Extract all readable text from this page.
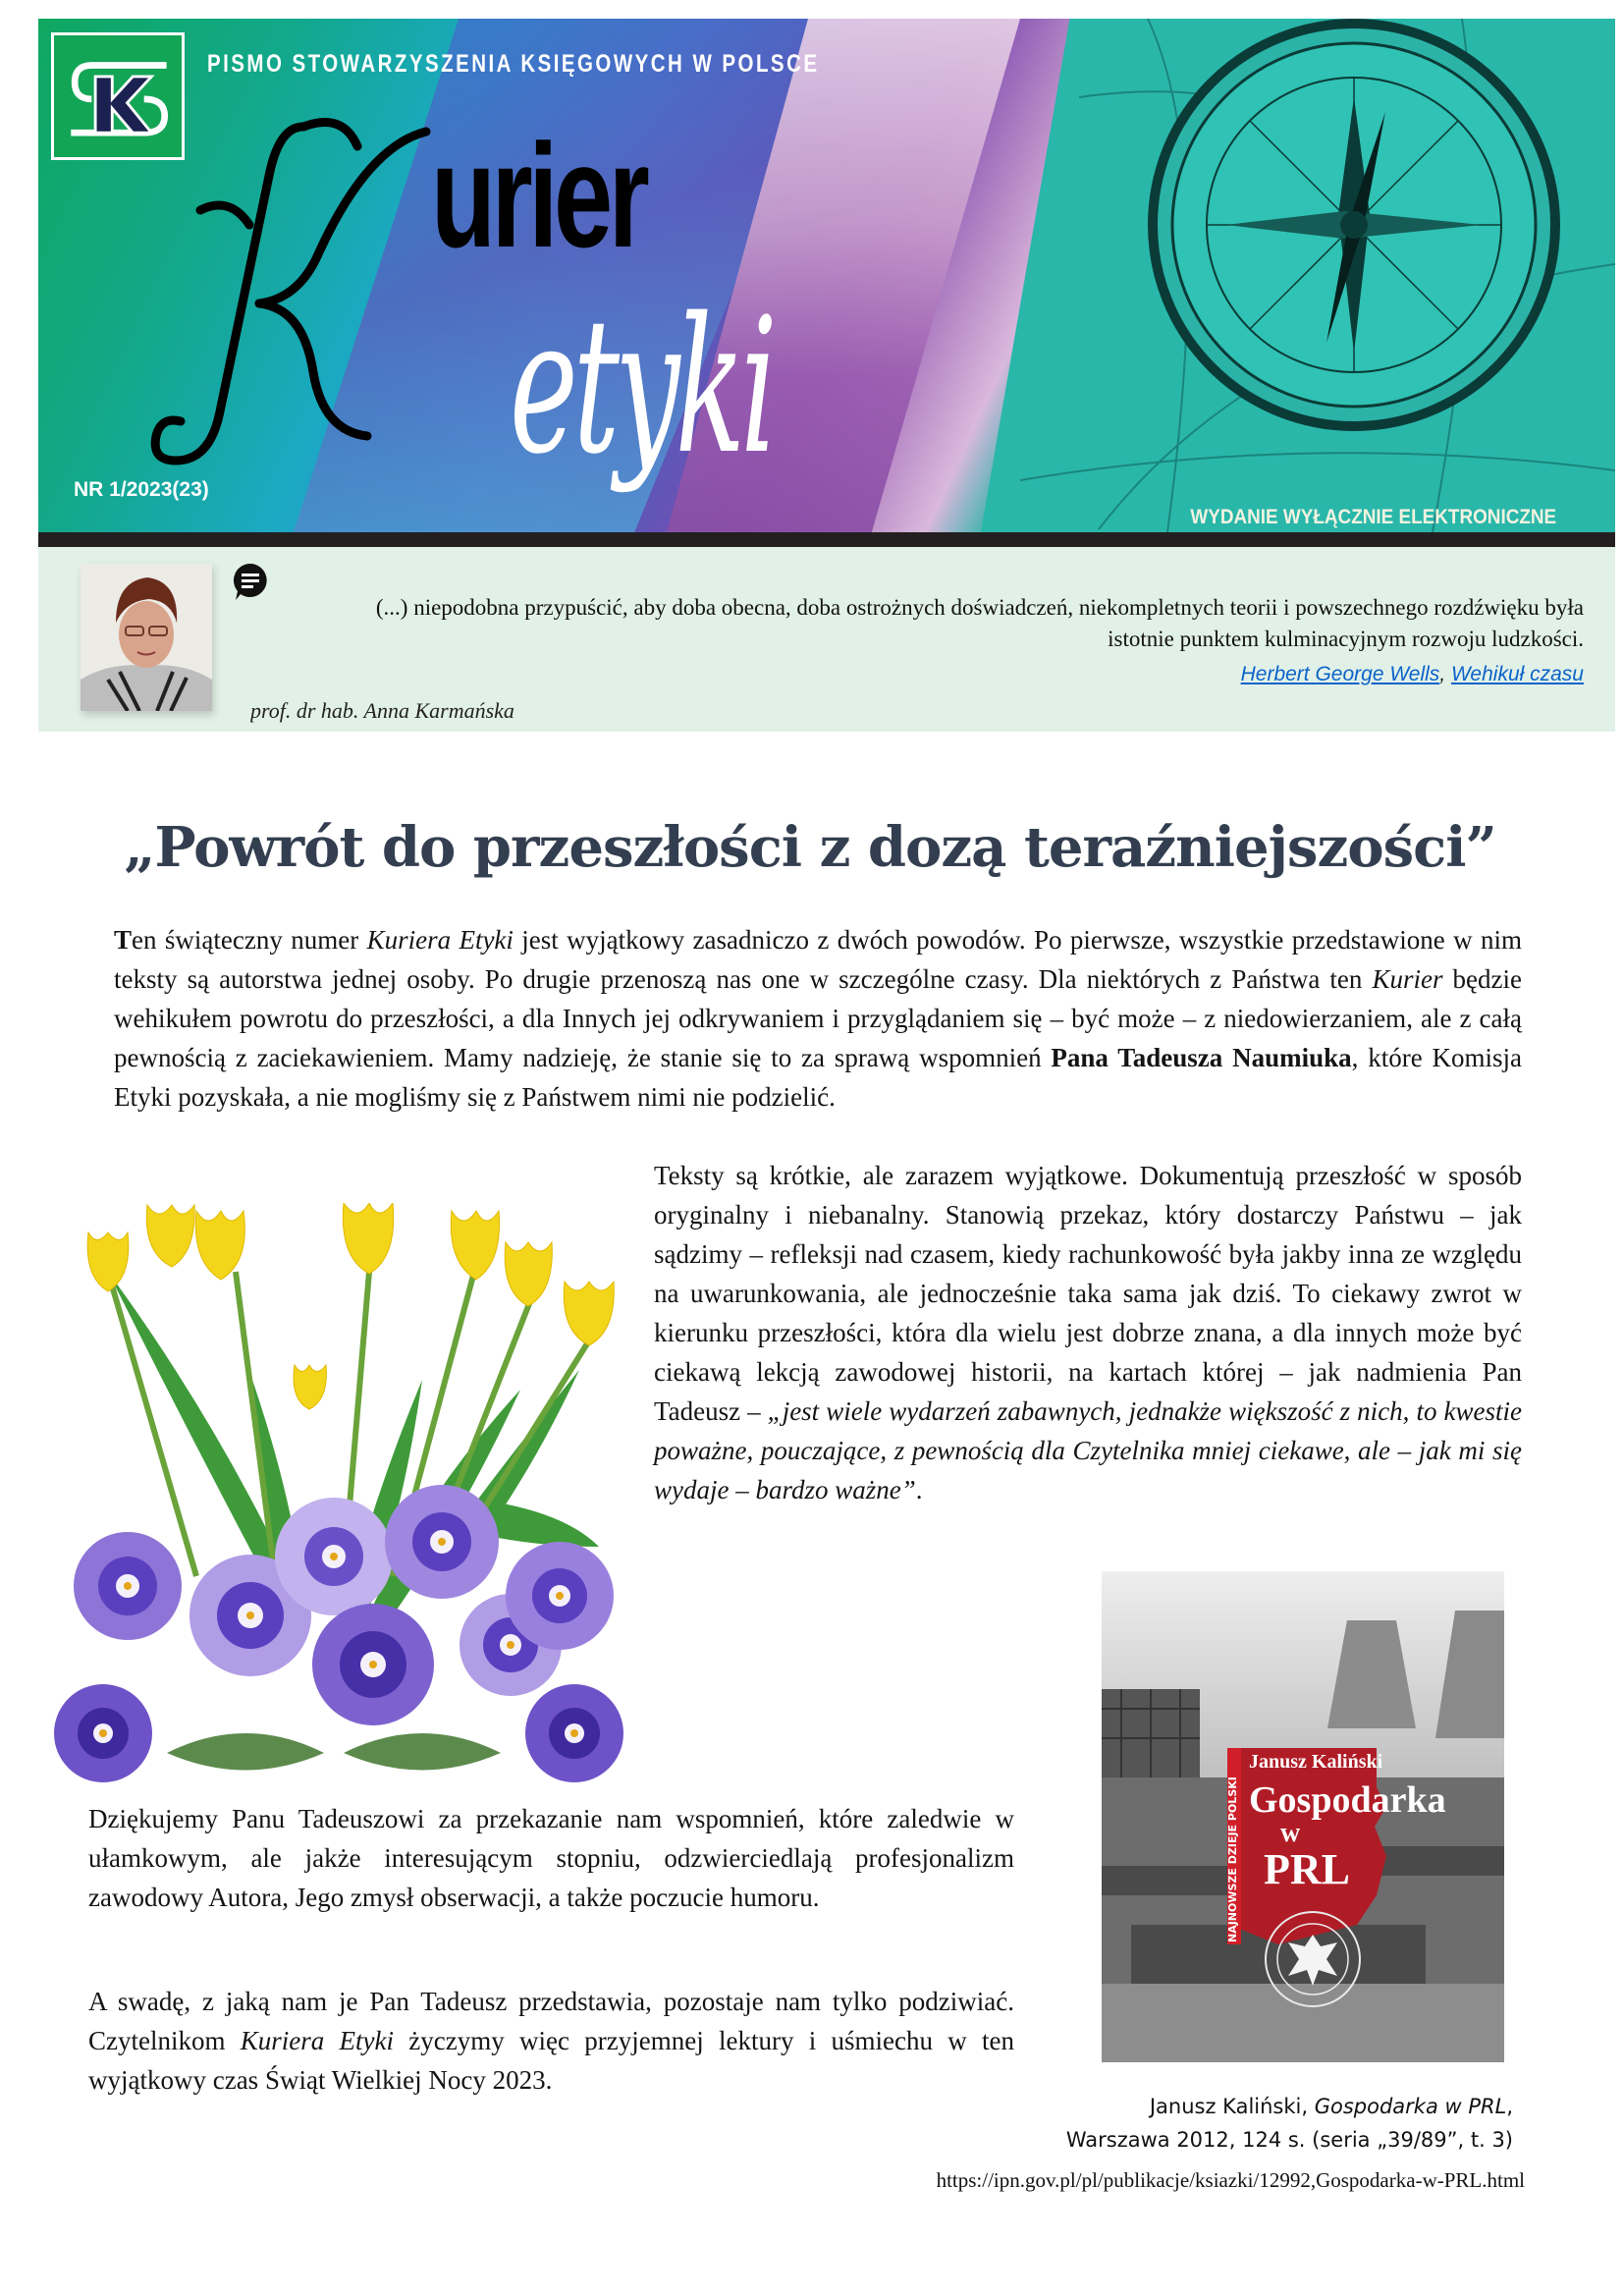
PISMO STOWARZYSZENIA KSIĘGOWYCH W POLSCE
urier
etyki
NR 1/2023(23)
WYDANIE WYŁĄCZNIE ELEKTRONICZNE
(...) niepodobna przypuścić, aby doba obecna, doba ostrożnych doświadczeń, niekompletnych teorii i powszechnego rozdźwięku była istotnie punktem kulminacyjnym rozwoju ludzkości.
Herbert George Wells, Wehikuł czasu
prof. dr hab. Anna Karmańska
„Powrót do przeszłości z dozą teraźniejszości”

Ten świąteczny numer Kuriera Etyki jest wyjątkowy zasadniczo z dwóch powodów. Po pierwsze, wszystkie przedstawione w nim teksty są autorstwa jednej osoby. Po drugie przenoszą nas one w szczególne czasy. Dla niektórych z Państwa ten Kurier będzie wehikułem powrotu do przeszłości, a dla Innych jej odkrywaniem i przyglądaniem się – być może – z niedowierzaniem, ale z całą pewnością z zaciekawieniem. Mamy nadzieję, że stanie się to za sprawą wspomnień Pana Tadeusza Naumiuka, które Komisja Etyki pozyskała, a nie mogliśmy się z Państwem nimi nie podzielić.

Teksty są krótkie, ale zarazem wyjątkowe. Dokumentują przeszłość w sposób oryginalny i niebanalny. Stanowią przekaz, który dostarczy Państwu – jak sądzimy – refleksji nad czasem, kiedy rachunkowość była jakby inna ze względu na uwarunkowania, ale jednocześnie taka sama jak dziś. To ciekawy zwrot w kierunku przeszłości, która dla wielu jest dobrze znana, a dla innych może być ciekawą lekcją zawodowej historii, na kartach której – jak nadmienia Pan Tadeusz – „jest wiele wydarzeń zabawnych, jednakże większość z nich, to kwestie poważne, pouczające, z pewnością dla Czytelnika mniej ciekawe, ale – jak mi się wydaje – bardzo ważne”.

Dziękujemy Panu Tadeuszowi za przekazanie nam wspomnień, które zaledwie w ułamkowym, ale jakże interesującym stopniu, odzwierciedlają profesjonalizm zawodowy Autora, Jego zmysł obserwacji, a także poczucie humoru.

A swadę, z jaką nam je Pan Tadeusz przedstawia, pozostaje nam tylko podziwiać. Czytelnikom Kuriera Etyki życzymy więc przyjemnej lektury i uśmiechu w ten wyjątkowy czas Świąt Wielkiej Nocy 2023.

NAJNOWSZE DZIEJE POLSKI
Janusz Kaliński
Gospodarka
w
PRL
Janusz Kaliński, Gospodarka w PRL,
Warszawa 2012, 124 s. (seria „39/89”, t. 3)
https://ipn.gov.pl/pl/publikacje/ksiazki/12992,Gospodarka-w-PRL.html
